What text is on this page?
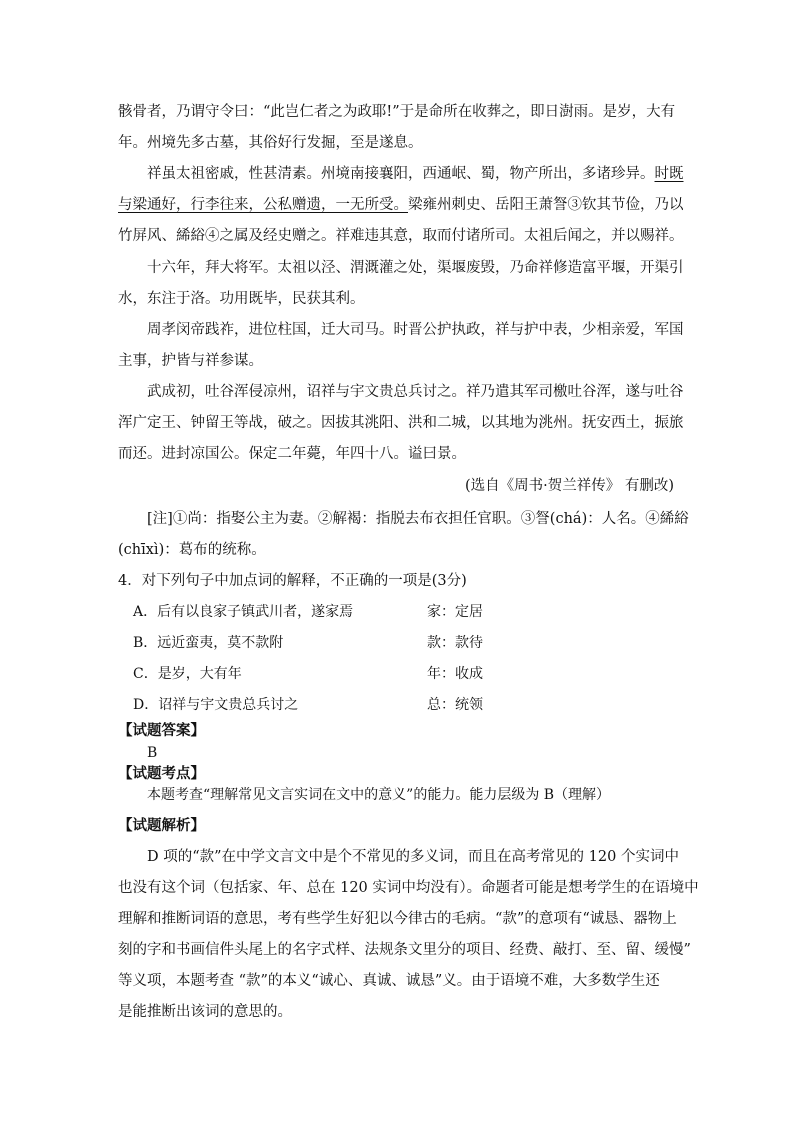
骸骨者，乃谓守令曰：“此岂仁者之为政耶!”于是命所在收葬之，即日澍雨。是岁，大有
年。州境先多古墓，其俗好行发掘，至是遂息。
祥虽太祖密戚，性甚清素。州境南接襄阳，西通岷、蜀，物产所出，多诸珍异。时既
与梁通好，行李往来，公私赠遗，一无所受。梁雍州刺史、岳阳王萧詧③钦其节俭，乃以
竹屏风、絺綌④之属及经史赠之。祥难违其意，取而付诸所司。太祖后闻之，并以赐祥。
十六年，拜大将军。太祖以泾、渭溉灌之处，渠堰废毁，乃命祥修造富平堰，开渠引
水，东注于洛。功用既毕，民获其利。
周孝闵帝践祚，进位柱国，迁大司马。时晋公护执政，祥与护中表，少相亲爱，军国
主事，护皆与祥参谋。
武成初，吐谷浑侵凉州，诏祥与宇文贵总兵讨之。祥乃遣其军司檄吐谷浑，遂与吐谷
浑广定王、钟留王等战，破之。因拔其洮阳、洪和二城，以其地为洮州。抚安西土，振旅
而还。进封凉国公。保定二年薨，年四十八。谥曰景。
(选自《周书·贺兰祥传》 有删改)
[注]①尚：指娶公主为妻。②解褐：指脱去布衣担任官职。③詧(chá)：人名。④絺綌
(chīxì)：葛布的统称。
4．对下列句子中加点词的解释，不正确的一项是(3分)
A．后有以良家子镇武川者，遂家焉	家：定居
B．远近蛮夷，莫不款附	款：款待
C．是岁，大有年	年：收成
D．诏祥与宇文贵总兵讨之	总：统领
【试题答案】
B
【试题考点】
本题考查“理解常见文言实词在文中的意义”的能力。能力层级为 B（理解）
【试题解析】
D 项的“款”在中学文言文中是个不常见的多义词，而且在高考常见的 120 个实词中
也没有这个词（包括家、年、总在 120 实词中均没有）。命题者可能是想考学生的在语境中
理解和推断词语的意思，考有些学生好犯以今律古的毛病。“款”的意项有“诚恳、器物上
刻的字和书画信件头尾上的名字式样、法规条文里分的项目、经费、敲打、至、留、缓慢”
等义项，本题考查 “款”的本义“诚心、真诚、诚恳”义。由于语境不难，大多数学生还
是能推断出该词的意思的。
